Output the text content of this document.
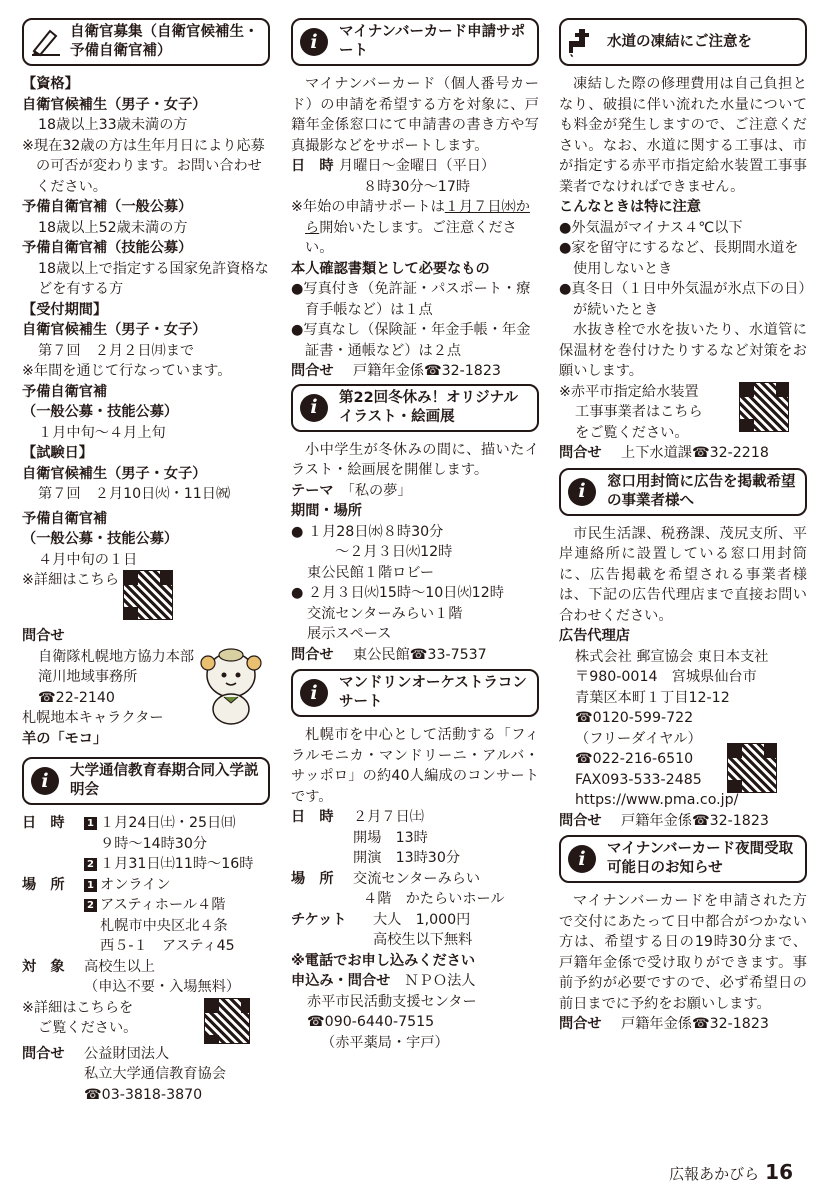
自衛官募集（自衛官候補生・予備自衛官補）
【資格】
自衛官候補生（男子・女子）
18歳以上33歳未満の方
※現在32歳の方は生年月日により応募の可否が変わります。お問い合わせください。
予備自衛官補（一般公募）
18歳以上52歳未満の方
予備自衛官補（技能公募）
18歳以上で指定する国家免許資格などを有する方
【受付期間】
自衛官候補生（男子・女子）
第７回　２月２日㈪まで
※年間を通じて行なっています。
予備自衛官補
（一般公募・技能公募）
１月中旬～４月上旬
【試験日】
自衛官候補生（男子・女子）
第７回　２月10日㈫・11日㈷
予備自衛官補
（一般公募・技能公募）
４月中旬の１日
※詳細はこちら
問合せ
自衛隊札幌地方協力本部
滝川地域事務所
☎22-2140
札幌地本キャラクター
羊の「モコ」
i	大学通信教育春期合同入学説明会
日　時	1 １月24日㈯・25日㈰
９時～14時30分
2 １月31日㈯11時～16時
場　所	1 オンライン
2 アスティホール４階
札幌市中央区北４条
西５-１　アスティ45
対　象	高校生以上
（申込不要・入場無料）
※詳細はこちらを
ご覧ください。
問合せ	公益財団法人
私立大学通信教育協会
☎03-3818-3870
i	マイナンバーカード申請サポート

マイナンバーカード（個人番号カード）の申請を希望する方を対象に、戸籍年金係窓口にて申請書の書き方や写真撮影などをサポートします。

日　時 月曜日～金曜日（平日）
８時30分～17時
※年始の申請サポートは１月７日㈬から開始いたします。ご注意ください。
本人確認書類として必要なもの
●写真付き（免許証・パスポート・療育手帳など）は１点
●写真なし（保険証・年金手帳・年金証書・通帳など）は２点
問合せ	戸籍年金係☎32-1823
i	第22回冬休み！オリジナルイラスト・絵画展

小中学生が冬休みの間に、描いたイラスト・絵画展を開催します。

テーマ　 「私の夢」
期間・場所
● １月28日㈬８時30分
～２月３日㈫12時
東公民館１階ロビー
● ２月３日㈫15時～10日㈫12時
交流センターみらい１階
展示スペース
問合せ	東公民館☎33-7537
i	マンドリンオーケストラコンサート

札幌市を中心として活動する「フィラルモニカ・マンドリーニ・アルバ・サッポロ」の約40人編成のコンサートです。

日　時	２月７日㈯
開場　13時
開演　13時30分
場　所	交流センターみらい
４階　かたらいホール
チケット	大人　1,000円
高校生以下無料
※電話でお申し込みください
申込み・問合せ　 ＮＰＯ法人
赤平市民活動支援センター
☎090-6440-7515
（赤平薬局・宇戸）
水道の凍結にご注意を

凍結した際の修理費用は自己負担となり、破損に伴い流れた水量についても料金が発生しますので、ご注意ください。なお、水道に関する工事は、市が指定する赤平市指定給水装置工事事業者でなければできません。

こんなときは特に注意
●外気温がマイナス４℃以下
●家を留守にするなど、長期間水道を使用しないとき
●真冬日（１日中外気温が氷点下の日）が続いたとき

水抜き栓で水を抜いたり、水道管に保温材を巻付けたりするなど対策をお願いします。

※赤平市指定給水装置
工事事業者はこちら
をご覧ください。
問合せ	上下水道課☎32-2218
i	窓口用封筒に広告を掲載希望の事業者様へ

市民生活課、税務課、茂尻支所、平岸連絡所に設置している窓口用封筒に、広告掲載を希望される事業者様は、下記の広告代理店まで直接お問い合わせください。

広告代理店
株式会社 郵宣協会 東日本支社
〒980-0014　宮城県仙台市
青葉区本町１丁目12-12
☎0120-599-722
（フリーダイヤル）
☎022-216-6510
FAX093-533-2485
https://www.pma.co.jp/
問合せ	戸籍年金係☎32-1823
i	マイナンバーカード夜間受取可能日のお知らせ

マイナンバーカードを申請された方で交付にあたって日中都合がつかない方は、希望する日の19時30分まで、戸籍年金係で受け取りができます。事前予約が必要ですので、必ず希望日の前日までに予約をお願いします。

問合せ	戸籍年金係☎32-1823
広報あかびら 16
